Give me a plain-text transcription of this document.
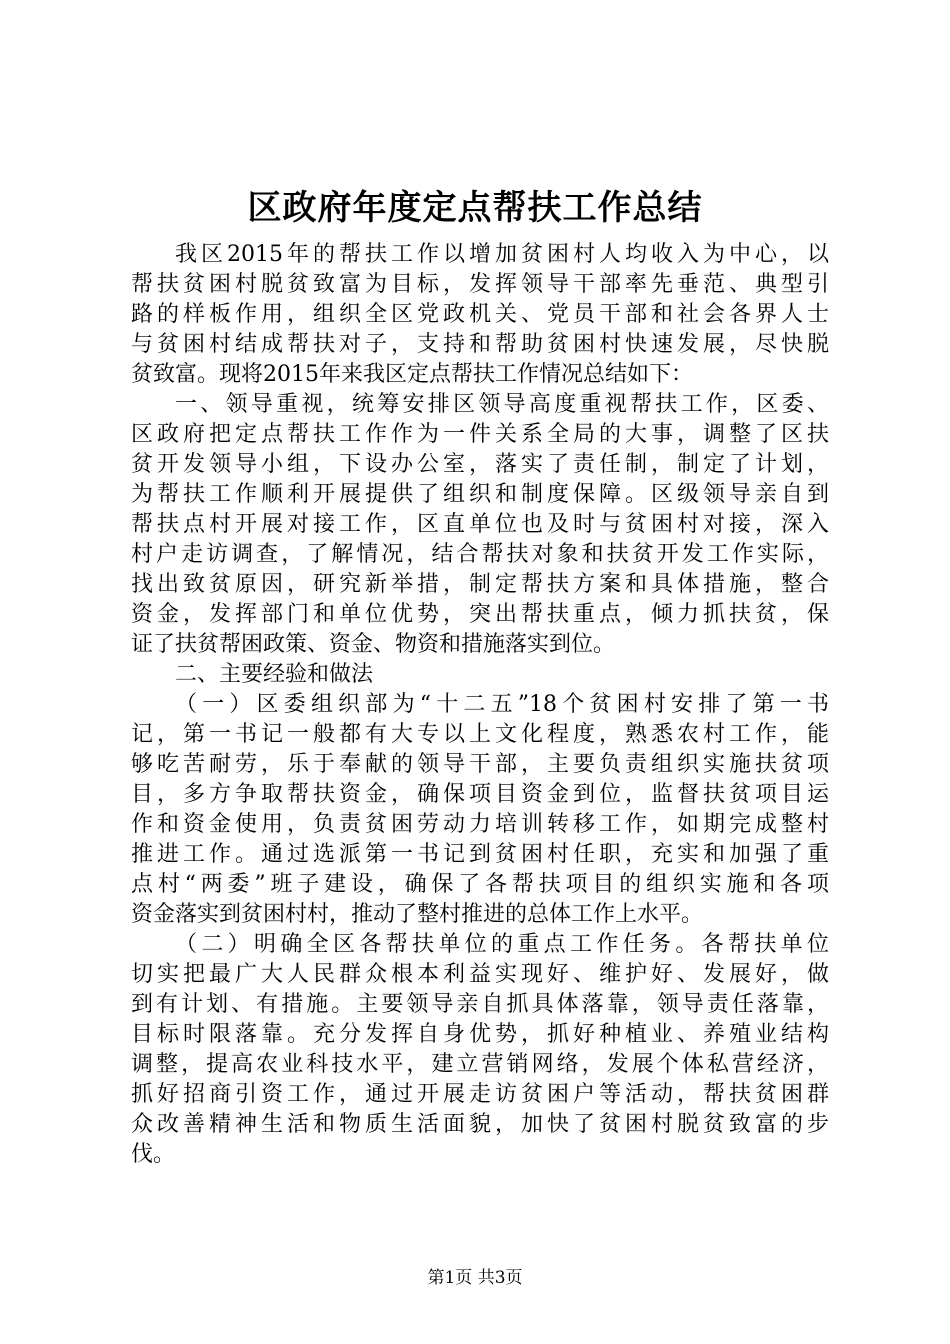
区政府年度定点帮扶工作总结
我区2015年的帮扶工作以增加贫困村人均收入为中心，以
帮扶贫困村脱贫致富为目标，发挥领导干部率先垂范、典型引
路的样板作用，组织全区党政机关、党员干部和社会各界人士
与贫困村结成帮扶对子，支持和帮助贫困村快速发展，尽快脱
贫致富。现将2015年来我区定点帮扶工作情况总结如下：
一、领导重视，统筹安排区领导高度重视帮扶工作，区委、
区政府把定点帮扶工作作为一件关系全局的大事，调整了区扶
贫开发领导小组，下设办公室，落实了责任制，制定了计划，
为帮扶工作顺利开展提供了组织和制度保障。区级领导亲自到
帮扶点村开展对接工作，区直单位也及时与贫困村对接，深入
村户走访调查，了解情况，结合帮扶对象和扶贫开发工作实际，
找出致贫原因，研究新举措，制定帮扶方案和具体措施，整合
资金，发挥部门和单位优势，突出帮扶重点，倾力抓扶贫，保
证了扶贫帮困政策、资金、物资和措施落实到位。
二、主要经验和做法
（一）区委组织部为“十二五”18个贫困村安排了第一书
记，第一书记一般都有大专以上文化程度，熟悉农村工作，能
够吃苦耐劳，乐于奉献的领导干部，主要负责组织实施扶贫项
目，多方争取帮扶资金，确保项目资金到位，监督扶贫项目运
作和资金使用，负责贫困劳动力培训转移工作，如期完成整村
推进工作。通过选派第一书记到贫困村任职，充实和加强了重
点村“两委”班子建设，确保了各帮扶项目的组织实施和各项
资金落实到贫困村村，推动了整村推进的总体工作上水平。
（二）明确全区各帮扶单位的重点工作任务。各帮扶单位
切实把最广大人民群众根本利益实现好、维护好、发展好，做
到有计划、有措施。主要领导亲自抓具体落靠，领导责任落靠，
目标时限落靠。充分发挥自身优势，抓好种植业、养殖业结构
调整，提高农业科技水平，建立营销网络，发展个体私营经济，
抓好招商引资工作，通过开展走访贫困户等活动，帮扶贫困群
众改善精神生活和物质生活面貌，加快了贫困村脱贫致富的步
伐。
第1页 共3页
